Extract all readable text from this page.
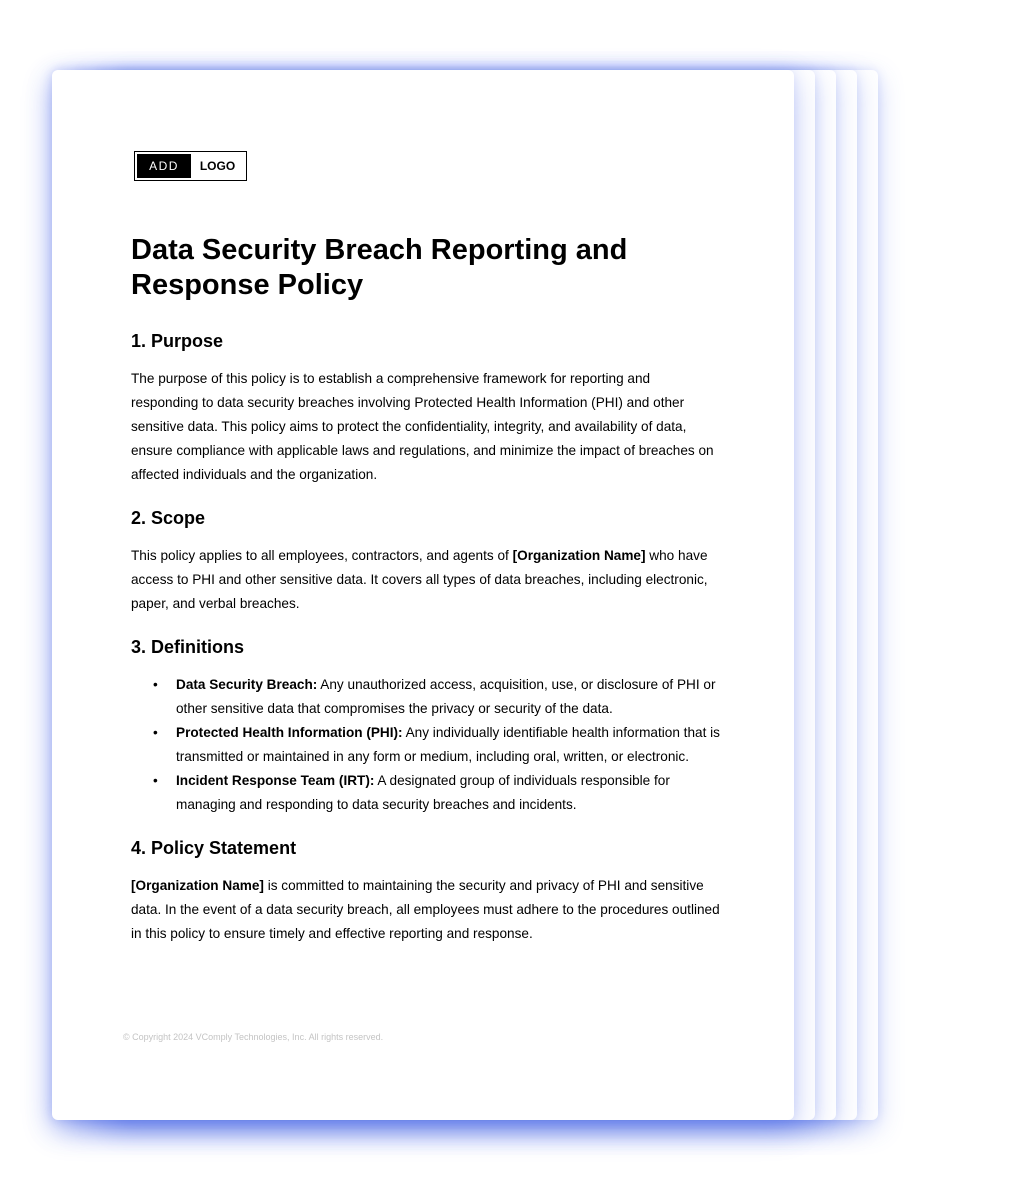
ADD	LOGO
Data Security Breach Reporting and Response Policy
1. Purpose

The purpose of this policy is to establish a comprehensive framework for reporting and responding to data security breaches involving Protected Health Information (PHI) and other sensitive data. This policy aims to protect the confidentiality, integrity, and availability of data, ensure compliance with applicable laws and regulations, and minimize the impact of breaches on affected individuals and the organization.

2. Scope

This policy applies to all employees, contractors, and agents of [Organization Name] who have access to PHI and other sensitive data. It covers all types of data breaches, including electronic, paper, and verbal breaches.

3. Definitions
• Data Security Breach: Any unauthorized access, acquisition, use, or disclosure of PHI or other sensitive data that compromises the privacy or security of the data.
• Protected Health Information (PHI): Any individually identifiable health information that is transmitted or maintained in any form or medium, including oral, written, or electronic.
• Incident Response Team (IRT): A designated group of individuals responsible for managing and responding to data security breaches and incidents.
4. Policy Statement

[Organization Name] is committed to maintaining the security and privacy of PHI and sensitive data. In the event of a data security breach, all employees must adhere to the procedures outlined in this policy to ensure timely and effective reporting and response.

© Copyright 2024 VComply Technologies, Inc. All rights reserved.
